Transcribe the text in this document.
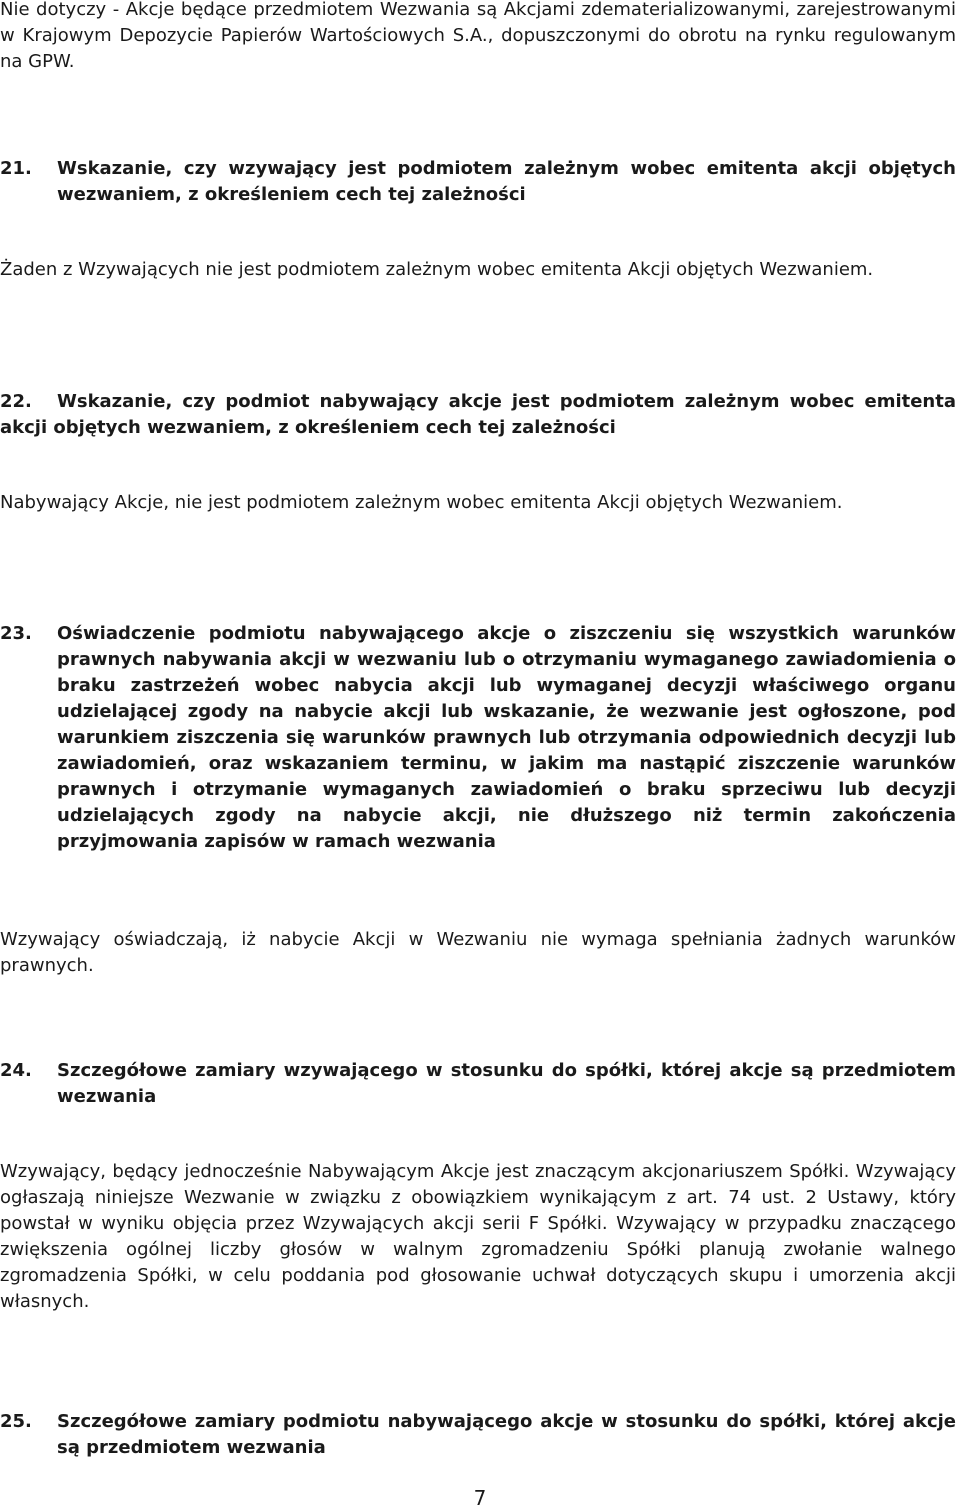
Nie dotyczy - Akcje będące przedmiotem Wezwania są Akcjami zdematerializowanymi, zarejestrowanymi w Krajowym Depozycie Papierów Wartościowych S.A., dopuszczonymi do obrotu na rynku regulowanym na GPW.

21.	Wskazanie, czy wzywający jest podmiotem zależnym wobec emitenta akcji objętych wezwaniem, z określeniem cech tej zależności

Żaden z Wzywających nie jest podmiotem zależnym wobec emitenta Akcji objętych Wezwaniem.

22.	Wskazanie, czy podmiot nabywający akcje jest podmiotem zależnym wobec emitenta akcji objętych wezwaniem, z określeniem cech tej zależności

Nabywający Akcje, nie jest podmiotem zależnym wobec emitenta Akcji objętych Wezwaniem.

23.	Oświadczenie podmiotu nabywającego akcje o ziszczeniu się wszystkich warunków prawnych nabywania akcji w wezwaniu lub o otrzymaniu wymaganego zawiadomienia o braku zastrzeżeń wobec nabycia akcji lub wymaganej decyzji właściwego organu udzielającej zgody na nabycie akcji lub wskazanie, że wezwanie jest ogłoszone, pod warunkiem ziszczenia się warunków prawnych lub otrzymania odpowiednich decyzji lub zawiadomień, oraz wskazaniem terminu, w jakim ma nastąpić ziszczenie warunków prawnych i otrzymanie wymaganych zawiadomień o braku sprzeciwu lub decyzji udzielających zgody na nabycie akcji, nie dłuższego niż termin zakończenia przyjmowania zapisów w ramach wezwania

Wzywający oświadczają, iż nabycie Akcji w Wezwaniu nie wymaga spełniania żadnych warunków prawnych.

24.	Szczegółowe zamiary wzywającego w stosunku do spółki, której akcje są przedmiotem wezwania

Wzywający, będący jednocześnie Nabywającym Akcje jest znaczącym akcjonariuszem Spółki. Wzywający ogłaszają niniejsze Wezwanie w związku z obowiązkiem wynikającym z art. 74 ust. 2 Ustawy, który powstał w wyniku objęcia przez Wzywających akcji serii F Spółki. Wzywający w przypadku znaczącego zwiększenia ogólnej liczby głosów w walnym zgromadzeniu Spółki planują zwołanie walnego zgromadzenia Spółki, w celu poddania pod głosowanie uchwał dotyczących skupu i umorzenia akcji własnych.

25.	Szczegółowe zamiary podmiotu nabywającego akcje w stosunku do spółki, której akcje są przedmiotem wezwania
7
